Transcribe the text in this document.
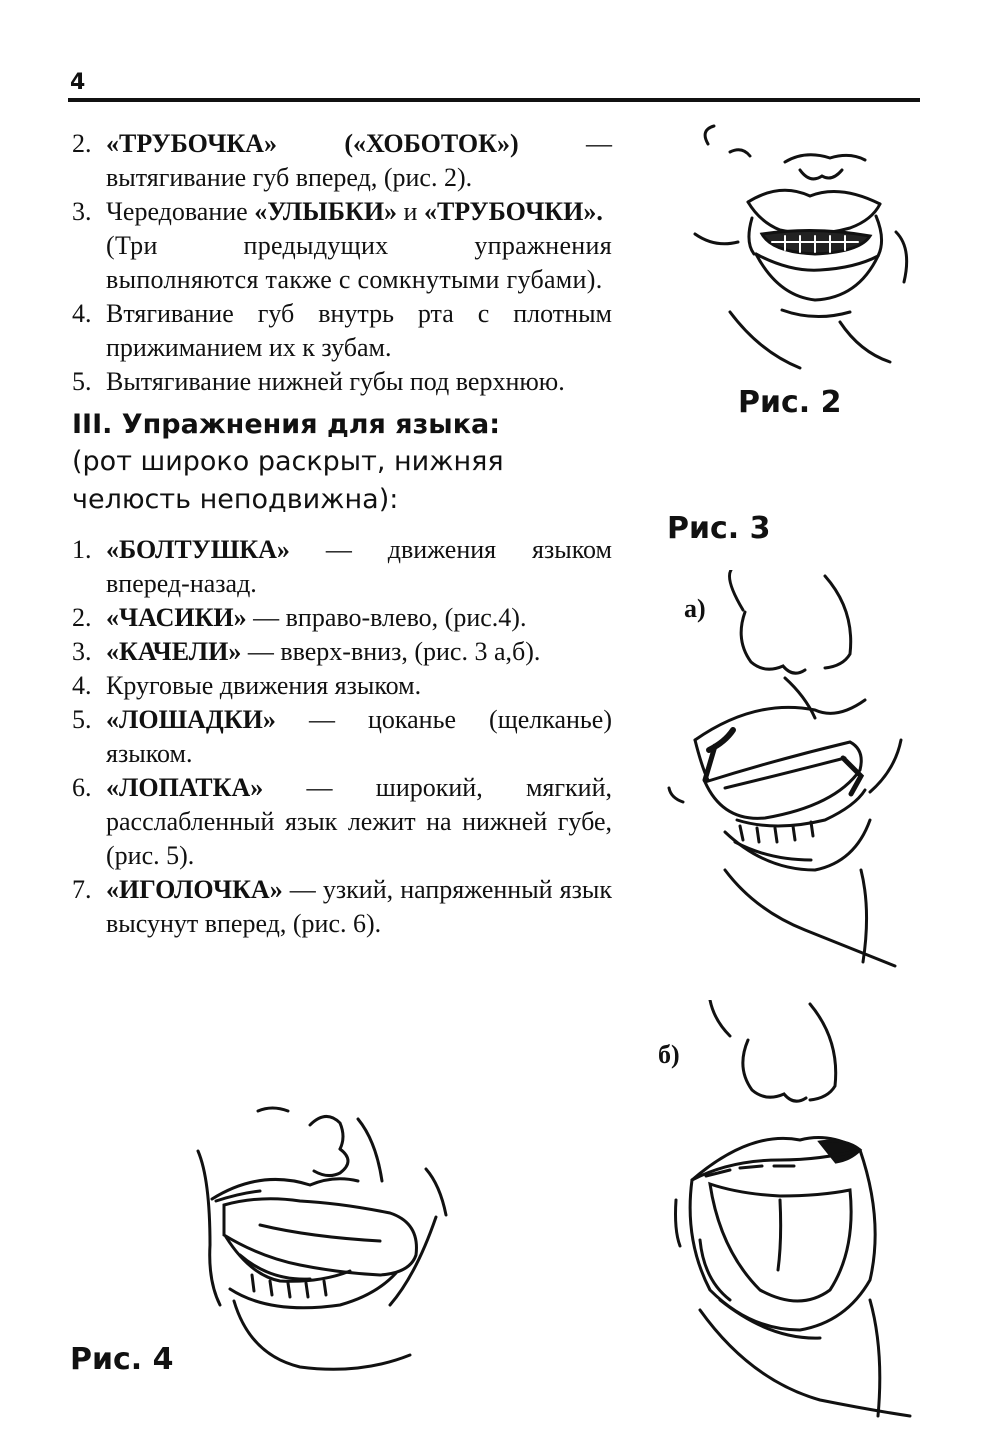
4
2. «ТРУБОЧКА» («ХОБОТОК») — вытягивание губ вперед, (рис. 2).
3. Чередование «УЛЫБКИ» и «ТРУБОЧКИ».
(Три предыдущих упражнения выполняются также с сомкнутыми губами).
4. Втягивание губ внутрь рта с плотным прижиманием их к зубам.
5. Вытягивание нижней губы под верхнюю.
III. Упражнения для языка:
(рот широко раскрыт, нижняя челюсть неподвижна):
1. «БОЛТУШКА» — движения языком вперед-назад.
2. «ЧАСИКИ» — вправо-влево, (рис.4).
3. «КАЧЕЛИ» — вверх-вниз, (рис. 3 а,б).
4. Круговые движения языком.
5. «ЛОШАДКИ» — цоканье (щелканье) языком.
6. «ЛОПАТКА» — широкий, мягкий, расслабленный язык лежит на нижней губе, (рис. 5).
7. «ИГОЛОЧКА» — узкий, напряженный язык высунут вперед, (рис. 6).
Рис. 2
Рис. 3
а)
б)
Рис. 4
